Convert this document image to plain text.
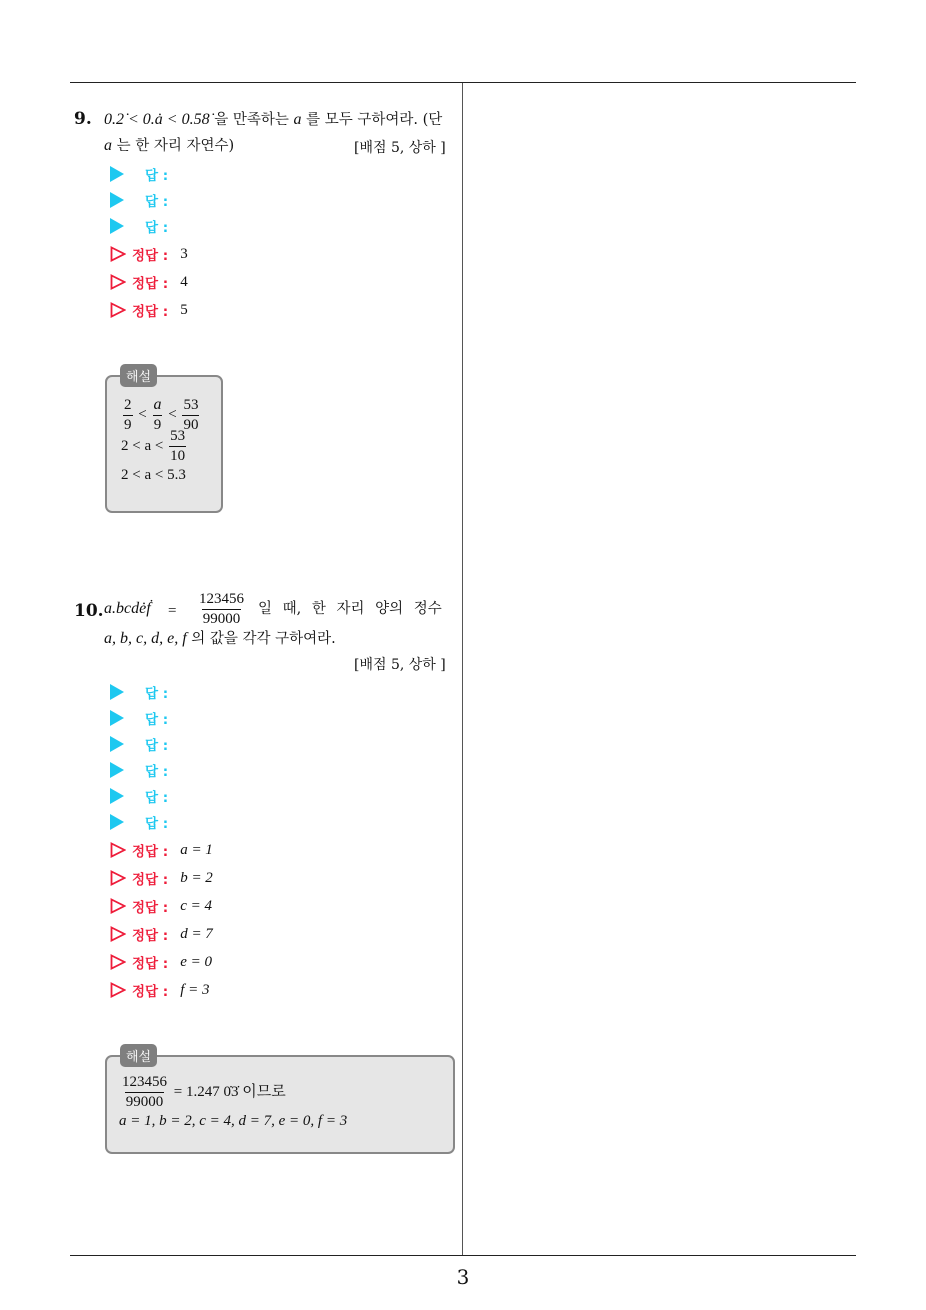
3
9. 0.2̇ < 0.ȧ < 0.58̇ 을 만족하는 a 를 모두 구하여라. (단
a 는 한 자리 자연수)	[배점 5, 상하 ]
답 :
답 :
답 :
정답 : 3
정답 : 4
정답 : 5
$\frac{2}{9} < \frac{a}{9} < \frac{53}{90}$
$2 < a < \frac{53}{10}$
2 < a < 5.3
해설
10. a.bcdėḟ = $\frac{123456}{99000}$ 일 때, 한 자리 양의 정수
a, b, c, d, e, f 의 값을 각각 구하여라.
[배점 5, 상하 ]
답 :
답 :
답 :
답 :
답 :
답 :
정답 : a = 1
정답 : b = 2
정답 : c = 4
정답 : d = 7
정답 : e = 0
정답 : f = 3
$\frac{123456}{99000} = 1.247$ 0̇3̇ 이므로
a = 1, b = 2, c = 4, d = 7, e = 0, f = 3
해설
